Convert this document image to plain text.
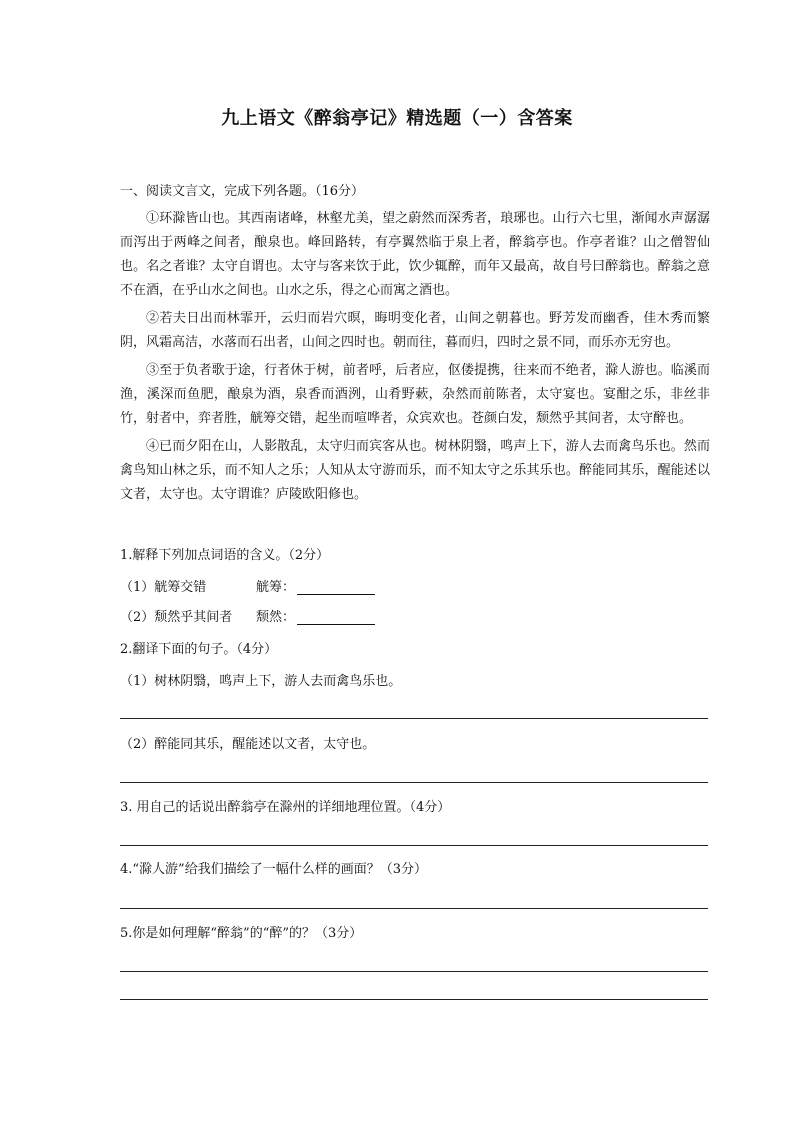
九上语文《醉翁亭记》精选题（一）含答案
一、阅读文言文，完成下列各题。（16分）

①环滁皆山也。其西南诸峰，林壑尤美，望之蔚然而深秀者，琅琊也。山行六七里，渐闻水声潺潺而泻出于两峰之间者，酿泉也。峰回路转，有亭翼然临于泉上者，醉翁亭也。作亭者谁？山之僧智仙也。名之者谁？太守自谓也。太守与客来饮于此，饮少辄醉，而年又最高，故自号曰醉翁也。醉翁之意不在酒，在乎山水之间也。山水之乐，得之心而寓之酒也。

②若夫日出而林霏开，云归而岩穴暝，晦明变化者，山间之朝暮也。野芳发而幽香，佳木秀而繁阴，风霜高洁，水落而石出者，山间之四时也。朝而往，暮而归，四时之景不同，而乐亦无穷也。

③至于负者歌于途，行者休于树，前者呼，后者应，伛偻提携，往来而不绝者，滁人游也。临溪而渔，溪深而鱼肥，酿泉为酒，泉香而酒洌，山肴野蔌，杂然而前陈者，太守宴也。宴酣之乐，非丝非竹，射者中，弈者胜，觥筹交错，起坐而喧哗者，众宾欢也。苍颜白发，颓然乎其间者，太守醉也。

④已而夕阳在山，人影散乱，太守归而宾客从也。树林阴翳，鸣声上下，游人去而禽鸟乐也。然而禽鸟知山林之乐，而不知人之乐；人知从太守游而乐，而不知太守之乐其乐也。醉能同其乐，醒能述以文者，太守也。太守谓谁？庐陵欧阳修也。

1.解释下列加点词语的含义。（2分）
（1）觥筹交错	觥筹：
（2）颓然乎其间者 颓然：
2.翻译下面的句子。（4分）
（1）树林阴翳，鸣声上下，游人去而禽鸟乐也。
（2）醉能同其乐，醒能述以文者，太守也。
3. 用自己的话说出醉翁亭在滁州的详细地理位置。（4分）
4.“滁人游”给我们描绘了一幅什么样的画面？（3分）
5.你是如何理解“醉翁”的“醉”的？（3分）
